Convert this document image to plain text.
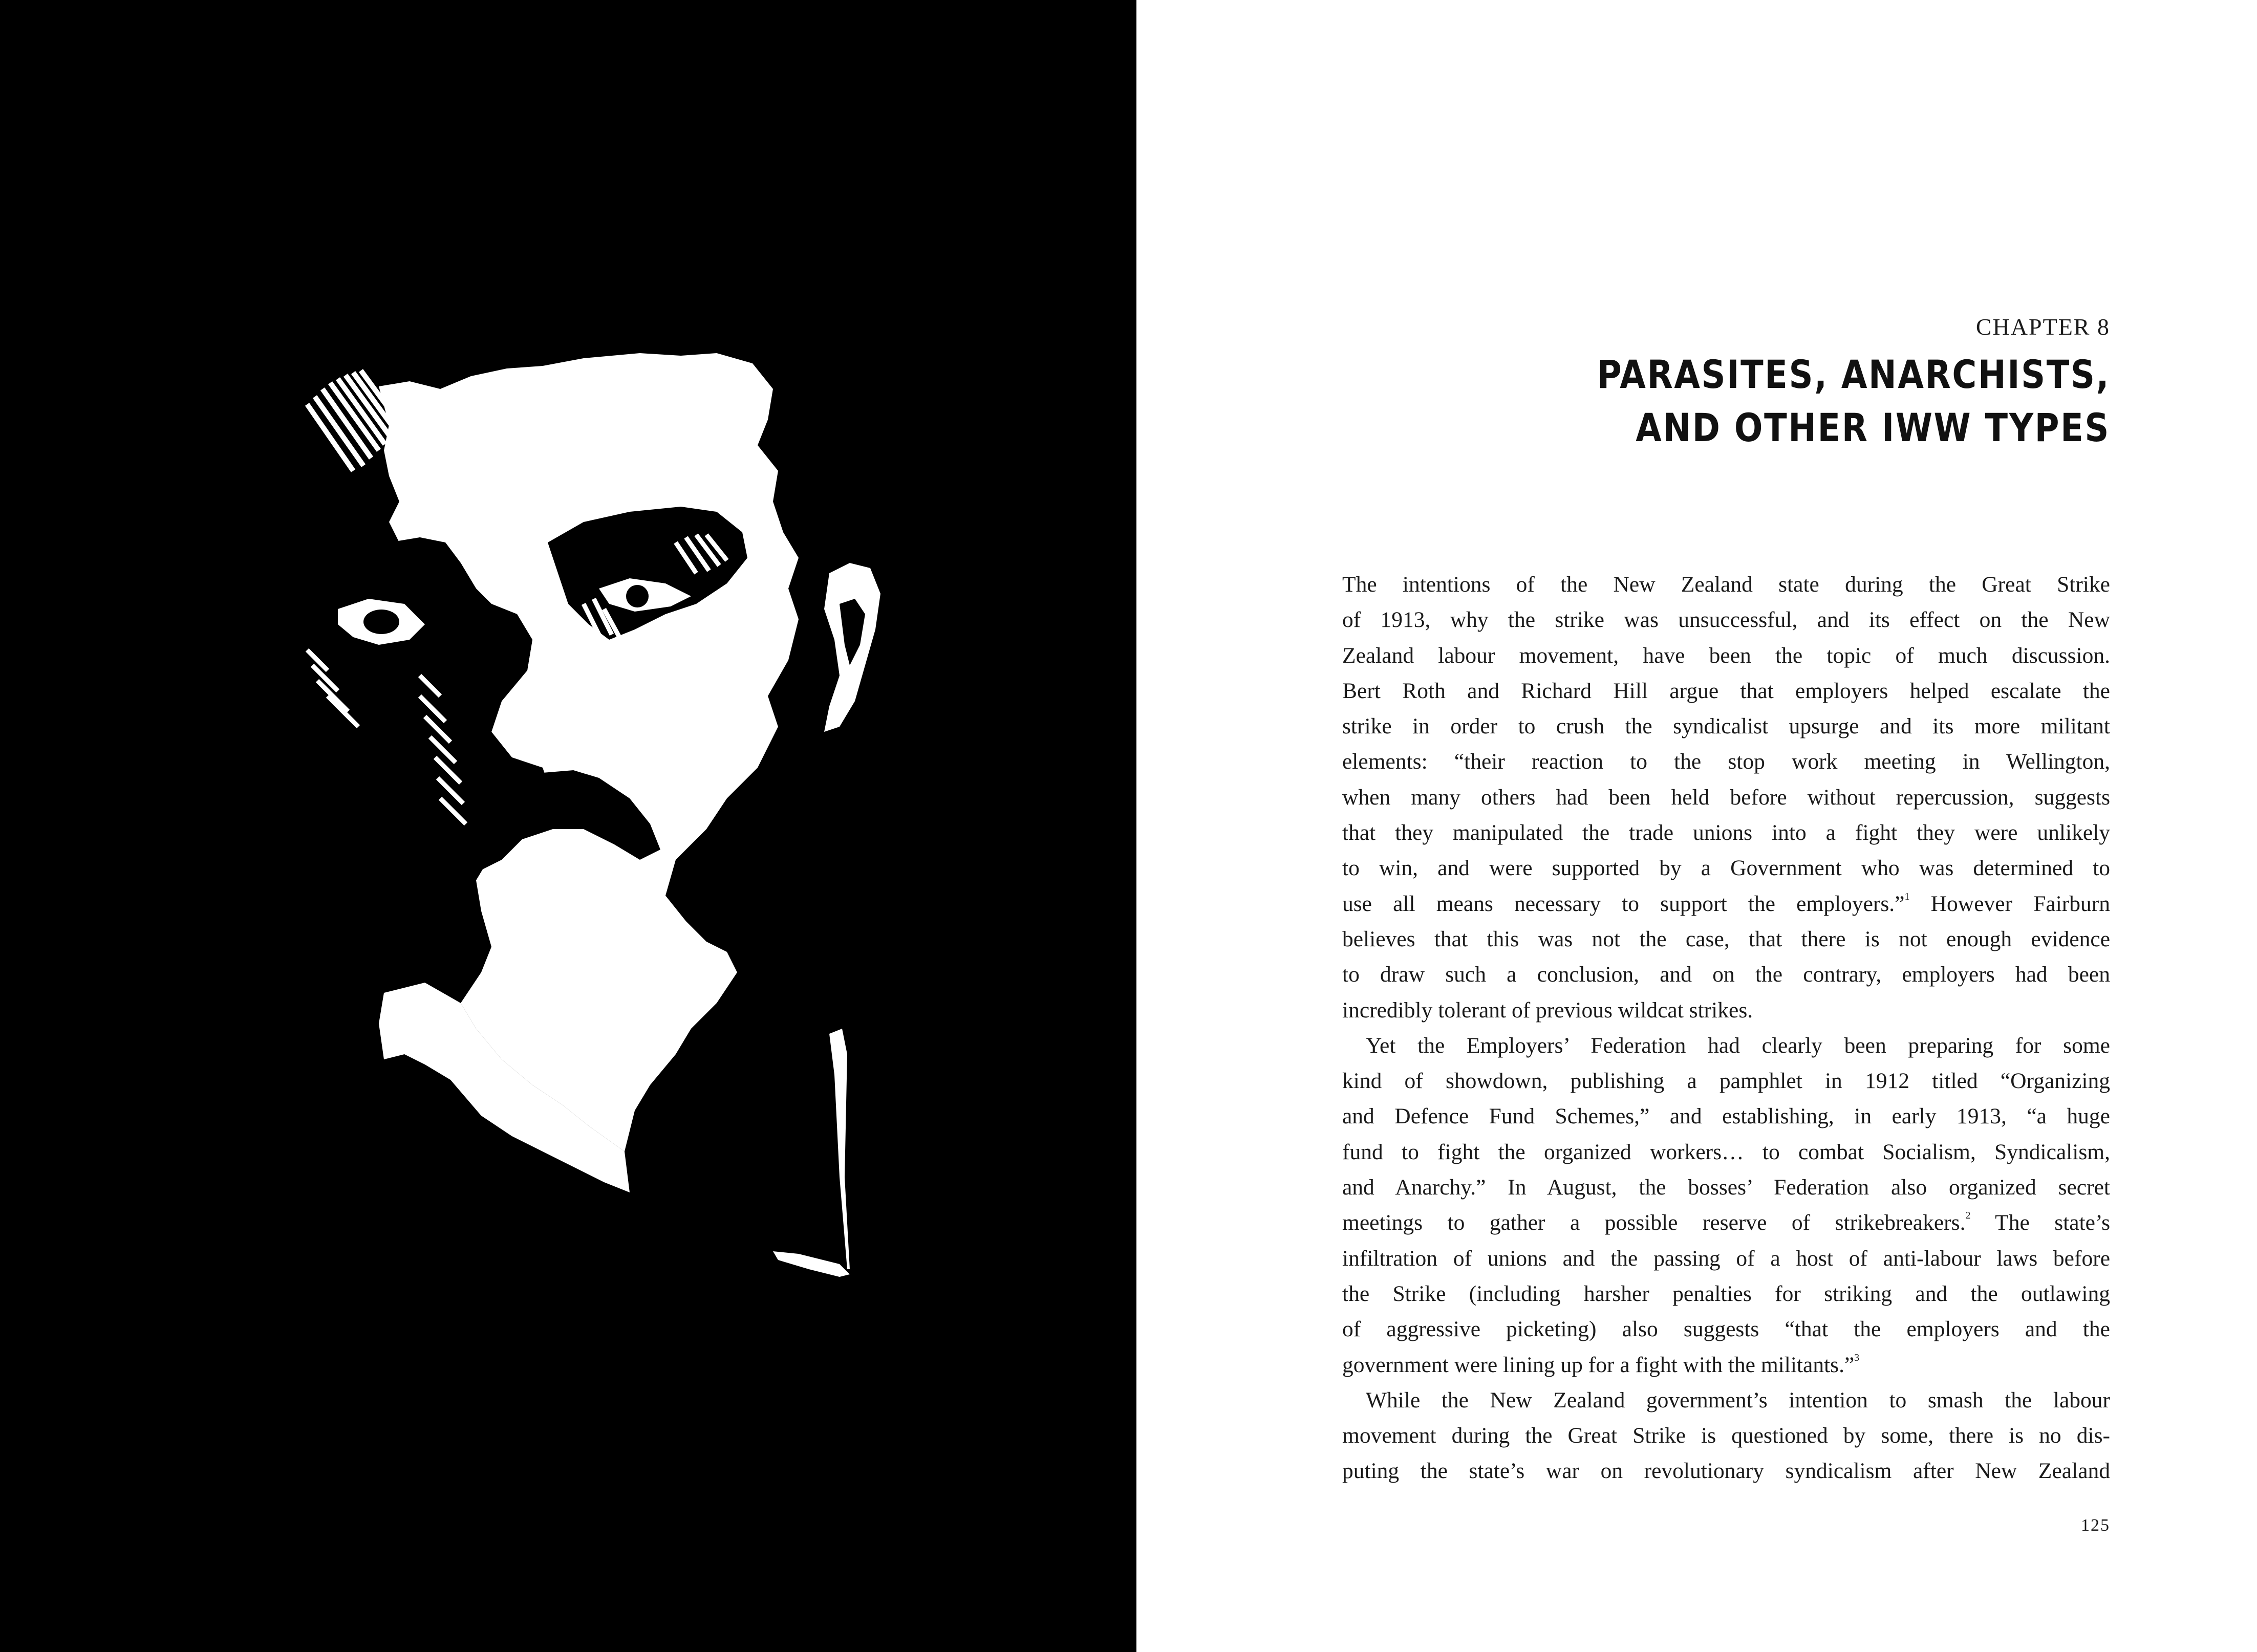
CHAPTER 8

PARASITES, ANARCHISTS,
AND OTHER IWW TYPES
The intentions of the New Zealand state during the Great Strike
of 1913, why the strike was unsuccessful, and its effect on the New
Zealand labour movement, have been the topic of much discussion.
Bert Roth and Richard Hill argue that employers helped escalate the
strike in order to crush the syndicalist upsurge and its more militant
elements: “their reaction to the stop work meeting in Wellington,
when many others had been held before without repercussion, suggests
that they manipulated the trade unions into a fight they were unlikely
to win, and were supported by a Government who was determined to
use all means necessary to support the employers.”$^1$ However Fairburn
believes that this was not the case, that there is not enough evidence
to draw such a conclusion, and on the contrary, employers had been
incredibly tolerant of previous wildcat strikes.
Yet the Employers’ Federation had clearly been preparing for some
kind of showdown, publishing a pamphlet in 1912 titled “Organizing
and Defence Fund Schemes,” and establishing, in early 1913, “a huge
fund to fight the organized workers… to combat Socialism, Syndicalism,
and Anarchy.” In August, the bosses’ Federation also organized secret
meetings to gather a possible reserve of strikebreakers.$^2$ The state’s
infiltration of unions and the passing of a host of anti-labour laws before
the Strike (including harsher penalties for striking and the outlawing
of aggressive picketing) also suggests “that the employers and the
government were lining up for a fight with the militants.”$^3$
While the New Zealand government’s intention to smash the labour
movement during the Great Strike is questioned by some, there is no dis-
puting the state’s war on revolutionary syndicalism after New Zealand

125
